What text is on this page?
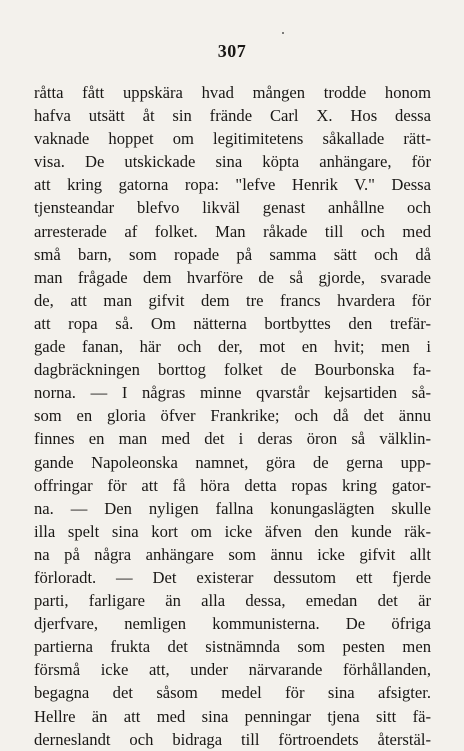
307
råtta fått uppskära hvad mången trodde honom
hafva utsätt åt sin frände Carl X. Hos dessa
vaknade hoppet om legitimitetens såkallade rätt-
visa. De utskickade sina köpta anhängare, för
att kring gatorna ropa: "lefve Henrik V." Dessa
tjensteandar blefvo likväl genast anhållne och
arresterade af folket. Man råkade till och med
små barn, som ropade på samma sätt och då
man frågade dem hvarföre de så gjorde, svarade
de, att man gifvit dem tre francs hvardera för
att ropa så. Om nätterna bortbyttes den trefär-
gade fanan, här och der, mot en hvit; men i
dagbräckningen borttog folket de Bourbonska fa-
norna. — I någras minne qvarstår kejsartiden så-
som en gloria öfver Frankrike; och då det ännu
finnes en man med det i deras öron så välklin-
gande Napoleonska namnet, göra de gerna upp-
offringar för att få höra detta ropas kring gator-
na. — Den nyligen fallna konungaslägten skulle
illa spelt sina kort om icke äfven den kunde räk-
na på några anhängare som ännu icke gifvit allt
förloradt. — Det existerar dessutom ett fjerde
parti, farligare än alla dessa, emedan det är
djerfvare, nemligen kommunisterna. De öfriga
partierna frukta det sistnämnda som pesten men
försmå icke att, under närvarande förhållanden,
begagna det såsom medel för sina afsigter.
Hellre än att med sina penningar tjena sitt fä-
derneslandt och bidraga till förtroendets återstäl-
